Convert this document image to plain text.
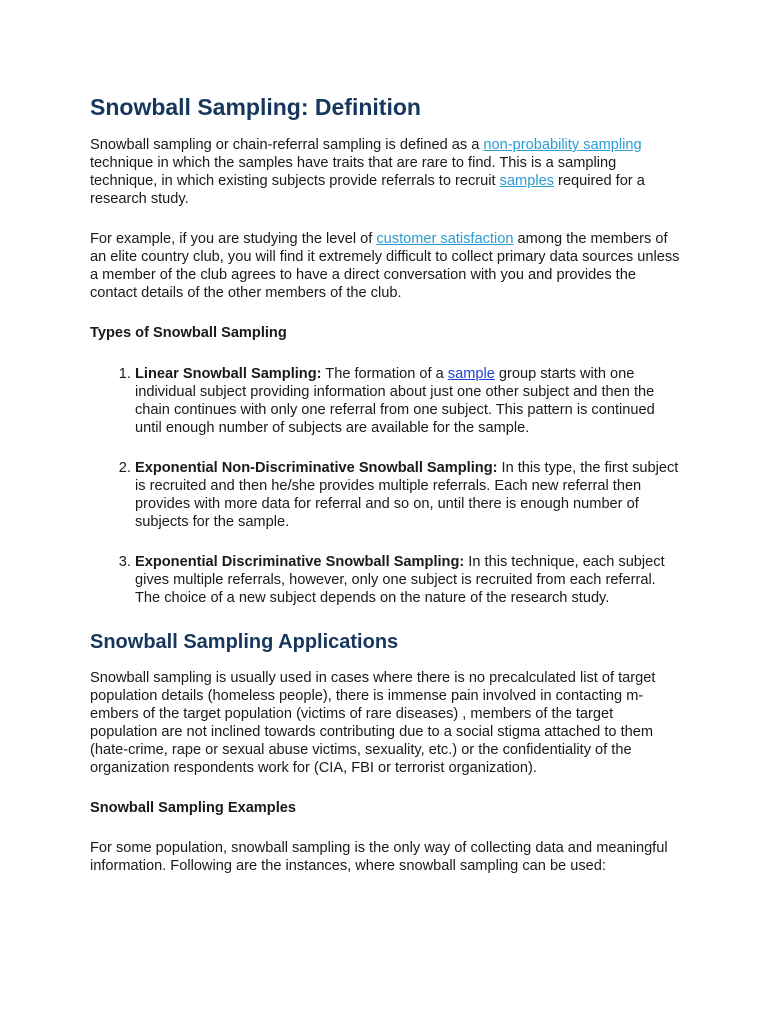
Snowball Sampling: Definition

Snowball sampling or chain-referral sampling is defined as a non-probability sampling technique in which the samples have traits that are rare to find. This is a sampling technique, in which existing subjects provide referrals to recruit samples required for a research study.

For example, if you are studying the level of customer satisfaction among the members of an elite country club, you will find it extremely difficult to collect primary data sources unless a member of the club agrees to have a direct conversation with you and provides the contact details of the other members of the club.

Types of Snowball Sampling
1. Linear Snowball Sampling: The formation of a sample group starts with one individual subject providing information about just one other subject and then the chain continues with only one referral from one subject. This pattern is continued until enough number of subjects are available for the sample.
2. Exponential Non-Discriminative Snowball Sampling: In this type, the first subject is recruited and then he/she provides multiple referrals. Each new referral then provides with more data for referral and so on, until there is enough number of subjects for the sample.
3. Exponential Discriminative Snowball Sampling: In this technique, each subject gives multiple referrals, however, only one subject is recruited from each referral. The choice of a new subject depends on the nature of the research study.
Snowball Sampling Applications

Snowball sampling is usually used in cases where there is no precalculated list of target population details (homeless people), there is immense pain involved in contacting m-embers of the target population (victims of rare diseases) , members of the target population are not inclined towards contributing due to a social stigma attached to them (hate-crime, rape or sexual abuse victims, sexuality, etc.) or the confidentiality of the organization respondents work for (CIA, FBI or terrorist organization).

Snowball Sampling Examples

For some population, snowball sampling is the only way of collecting data and meaningful information. Following are the instances, where snowball sampling can be used:
